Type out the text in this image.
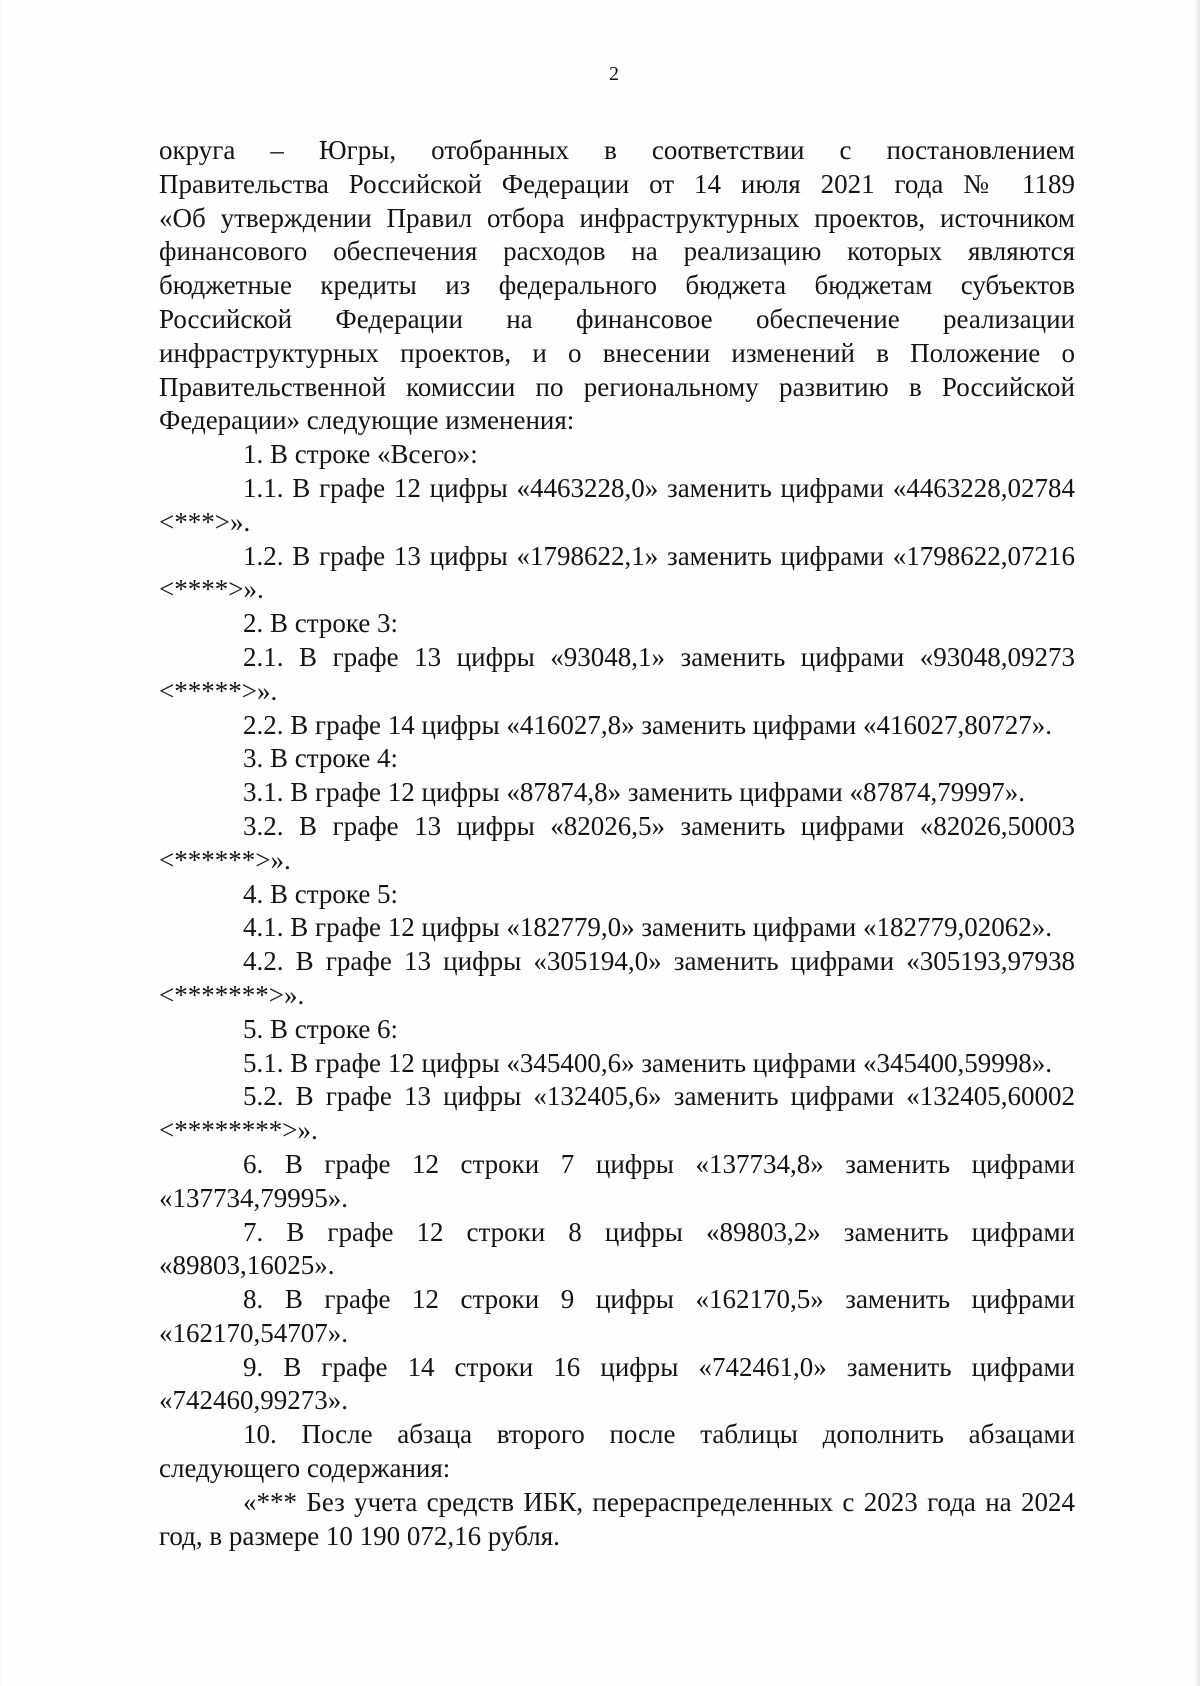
2

округа – Югры, отобранных в соответствии с постановлением

Правительства Российской Федерации от 14 июля 2021 года № 1189

«Об утверждении Правил отбора инфраструктурных проектов, источником

финансового обеспечения расходов на реализацию которых являются

бюджетные кредиты из федерального бюджета бюджетам субъектов

Российской Федерации на финансовое обеспечение реализации

инфраструктурных проектов, и о внесении изменений в Положение о

Правительственной комиссии по региональному развитию в Российской

Федерации» следующие изменения:

1. В строке «Всего»:

1.1. В графе 12 цифры «4463228,0» заменить цифрами «4463228,02784 <***>».

1.2. В графе 13 цифры «1798622,1» заменить цифрами «1798622,07216 <****>».

2. В строке 3:

2.1. В графе 13 цифры «93048,1» заменить цифрами «93048,09273 <*****>».

2.2. В графе 14 цифры «416027,8» заменить цифрами «416027,80727».

3. В строке 4:

3.1. В графе 12 цифры «87874,8» заменить цифрами «87874,79997».

3.2. В графе 13 цифры «82026,5» заменить цифрами «82026,50003 <******>».

4. В строке 5:

4.1. В графе 12 цифры «182779,0» заменить цифрами «182779,02062».

4.2. В графе 13 цифры «305194,0» заменить цифрами «305193,97938 <*******>».

5. В строке 6:

5.1. В графе 12 цифры «345400,6» заменить цифрами «345400,59998».

5.2. В графе 13 цифры «132405,6» заменить цифрами «132405,60002 <********>».

6. В графе 12 строки 7 цифры «137734,8» заменить цифрами «137734,79995».

7. В графе 12 строки 8 цифры «89803,2» заменить цифрами «89803,16025».

8. В графе 12 строки 9 цифры «162170,5» заменить цифрами «162170,54707».

9. В графе 14 строки 16 цифры «742461,0» заменить цифрами «742460,99273».

10. После абзаца второго после таблицы дополнить абзацами следующего содержания:

«*** Без учета средств ИБК, перераспределенных с 2023 года на 2024 год, в размере 10 190 072,16 рубля.
